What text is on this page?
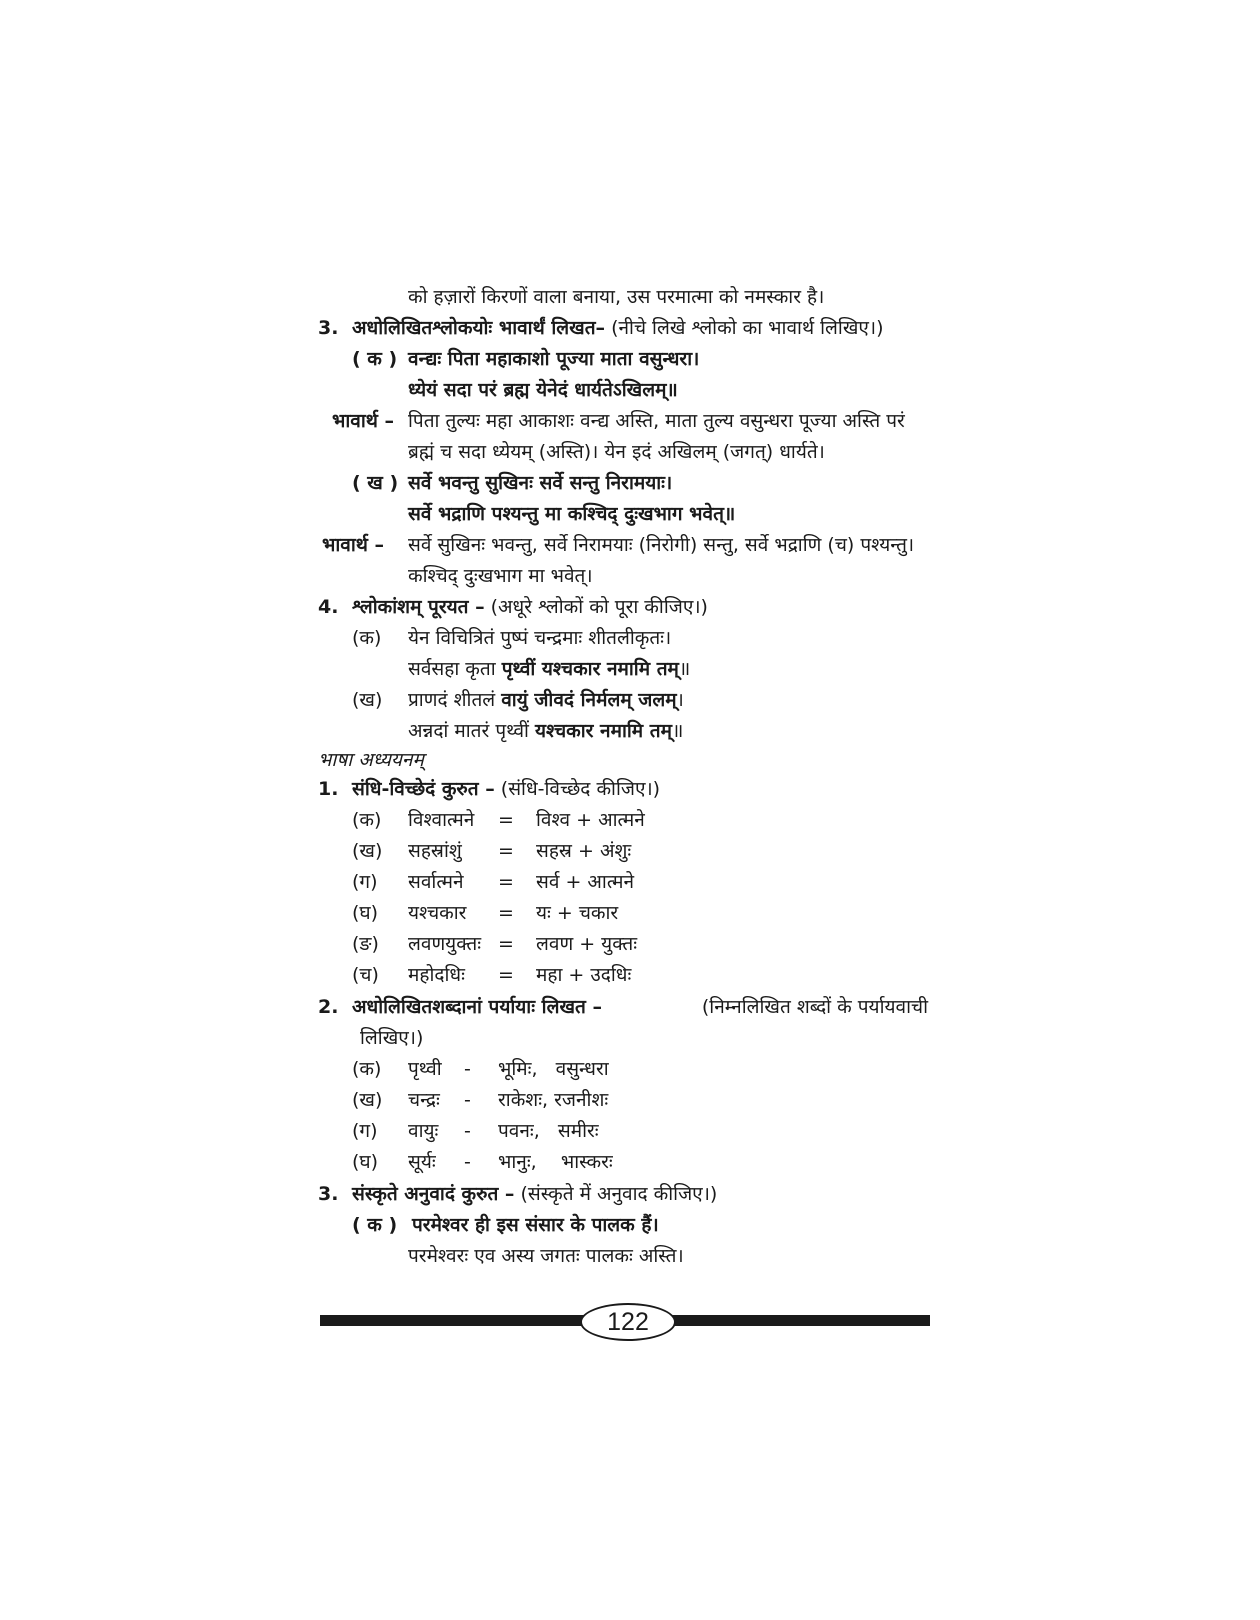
को हज़ारों किरणों वाला बनाया, उस परमात्मा को नमस्कार है।
3. अधोलिखितश्लोकयोः भावार्थं लिखत– (नीचे लिखे श्लोको का भावार्थ लिखिए।)
( क ) वन्द्यः पिता महाकाशो पूज्या माता वसुन्धरा।
ध्येयं सदा परं ब्रह्म येनेदं धार्यतेऽखिलम्॥
भावार्थ – पिता तुल्यः महा आकाशः वन्द्य अस्ति, माता तुल्य वसुन्धरा पूज्या अस्ति परं
ब्रह्मं च सदा ध्येयम् (अस्ति)। येन इदं अखिलम् (जगत्) धार्यते।
( ख ) सर्वे भवन्तु सुखिनः सर्वे सन्तु निरामयाः।
सर्वे भद्राणि पश्यन्तु मा कश्चिद् दुःखभाग भवेत्॥
भावार्थ – सर्वे सुखिनः भवन्तु, सर्वे निरामयाः (निरोगी) सन्तु, सर्वे भद्राणि (च) पश्यन्तु।
कश्चिद् दुःखभाग मा भवेत्।
4. श्लोकांशम् पूरयत – (अधूरे श्लोकों को पूरा कीजिए।)
(क) येन विचित्रितं पुष्पं चन्द्रमाः शीतलीकृतः।
सर्वसहा कृता पृथ्वीं यश्चकार नमामि तम्॥
(ख) प्राणदं शीतलं वायुं जीवदं निर्मलम् जलम्।
अन्नदां मातरं पृथ्वीं यश्चकार नमामि तम्॥
भाषा अध्ययनम्
1. संधि-विच्छेदं कुरुत – (संधि-विच्छेद कीजिए।)
(क) विश्वात्मने = विश्व + आत्मने
(ख) सहस्रांशुं = सहस्र + अंशुः
(ग) सर्वात्मने = सर्व + आत्मने
(घ) यश्चकार = यः + चकार
(ङ) लवणयुक्तः = लवण + युक्तः
(च) महोदधिः = महा + उदधिः
2. अधोलिखितशब्दानां पर्यायाः लिखत –	(निम्नलिखित शब्दों के पर्यायवाची
लिखिए।)
(क) पृथ्वी - भूमिः,   वसुन्धरा
(ख) चन्द्रः - राकेशः, रजनीशः
(ग) वायुः - पवनः,   समीरः
(घ) सूर्यः - भानुः,    भास्करः
3. संस्कृते अनुवादं कुरुत – (संस्कृते में अनुवाद कीजिए।)
( क ) परमेश्वर ही इस संसार के पालक हैं।
परमेश्वरः एव अस्य जगतः पालकः अस्ति।
122
